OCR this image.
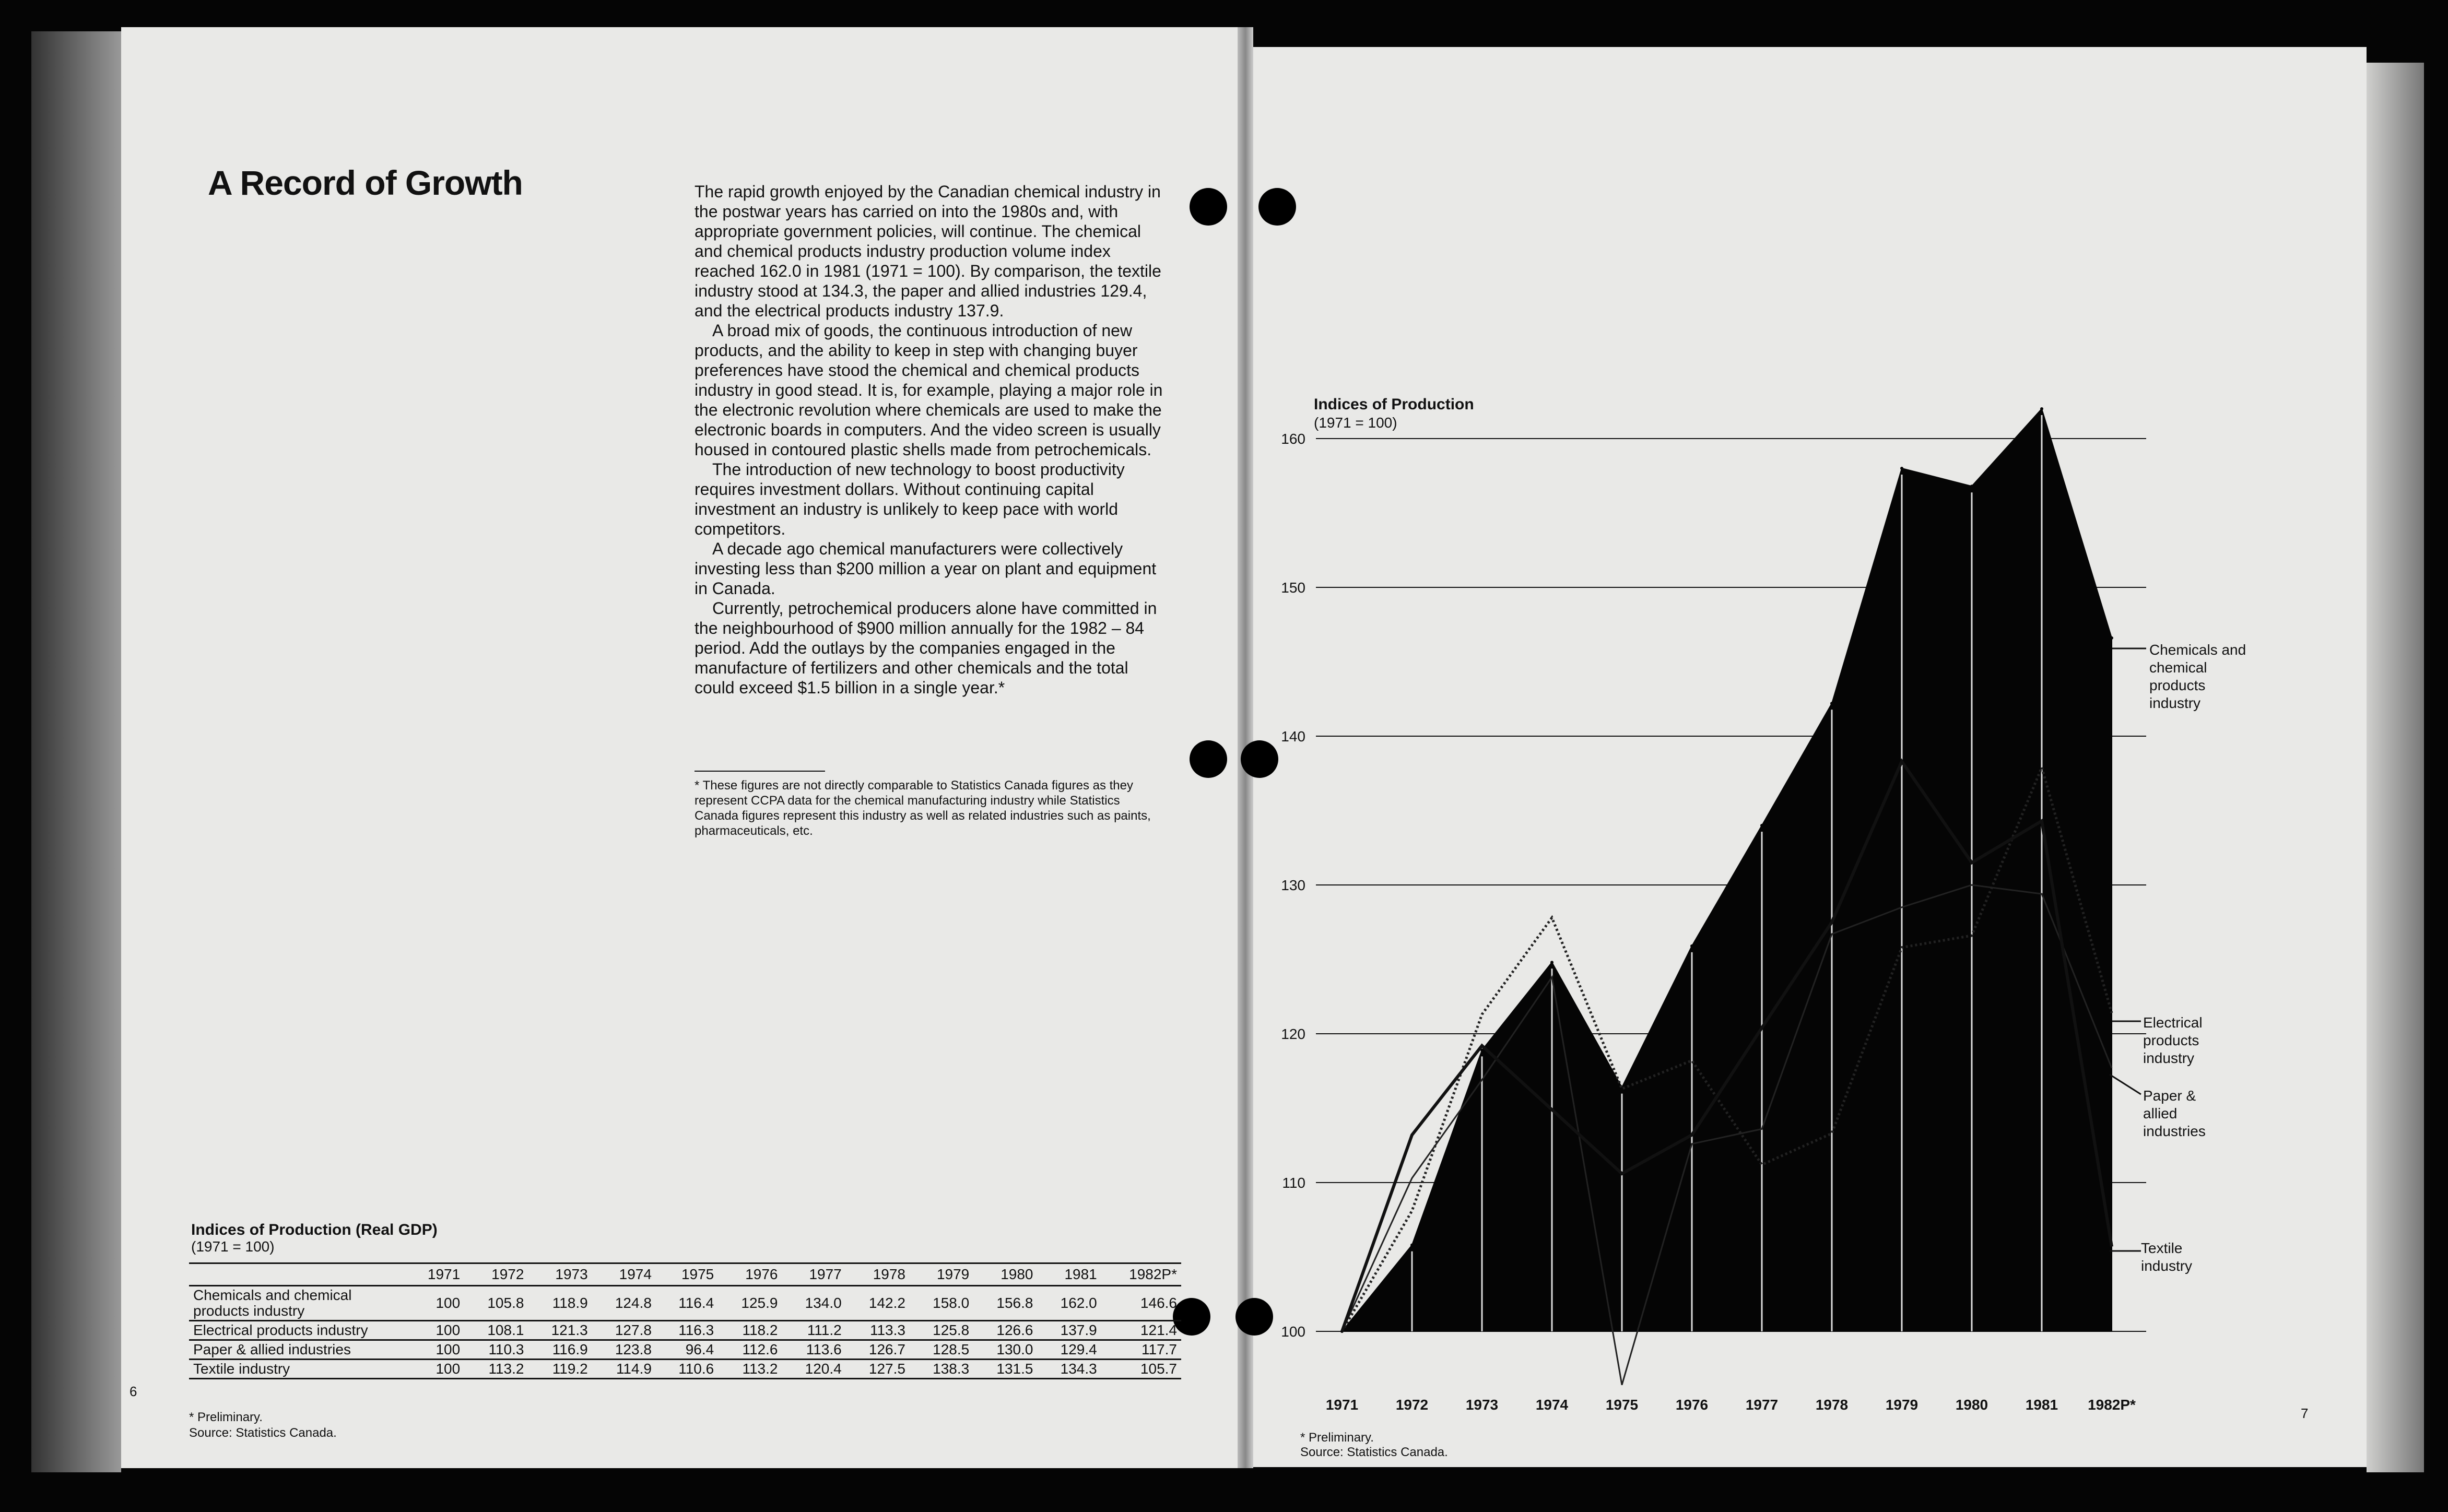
A Record of Growth	The rapid growth enjoyed by the Canadian chemical industry in the postwar years has carried on into the 1980s and, with appropriate government policies, will continue. The chemical and chemical products industry production volume index reached 162.0 in 1981 (1971 = 100). By comparison, the textile industry stood at 134.3, the paper and allied industries 129.4, and the electrical products industry 137.9.

A broad mix of goods, the continuous introduction of new products, and the ability to keep in step with changing buyer preferences have stood the chemical and chemical products industry in good stead. It is, for example, playing a major role in the electronic revolution where chemicals are used to make the electronic boards in computers. And the video screen is usually housed in contoured plastic shells made from petrochemicals.

The introduction of new technology to boost productivity requires investment dollars. Without continuing capital investment an industry is unlikely to keep pace with world competitors.

A decade ago chemical manufacturers were collectively investing less than $200 million a year on plant and equipment in Canada.

Currently, petrochemical producers alone have committed in the neighbourhood of $900 million annually for the 1982 – 84 period. Add the outlays by the companies engaged in the manufacture of fertilizers and other chemicals and the total could exceed $1.5 billion in a single year.*

* These figures are not directly comparable to Statistics Canada figures as they represent CCPA data for the chemical manufacturing industry while Statistics Canada figures represent this industry as well as related industries such as paints, pharmaceuticals, etc.
Indices of Production (Real GDP)
(1971 = 100)
	1971	1972	1973	1974	1975	1976	1977	1978	1979	1980	1981	1982P*
Chemicals and chemical products industry	100	105.8	118.9	124.8	116.4	125.9	134.0	142.2	158.0	156.8	162.0	146.6
Electrical products industry	100	108.1	121.3	127.8	116.3	118.2	111.2	113.3	125.8	126.6	137.9	121.4
Paper & allied industries	100	110.3	116.9	123.8	96.4	112.6	113.6	126.7	128.5	130.0	129.4	117.7
Textile industry	100	113.2	119.2	114.9	110.6	113.2	120.4	127.5	138.3	131.5	134.3	105.7
* Preliminary.
Source: Statistics Canada.
6
7
Indices of Production
(1971 = 100)
100
110
120
130
140
150
160
1971	1972	1973	1974	1975	1976	1977	1978	1979	1980	1981 1982P*
Chemicals and
chemical
products
industry
Electrical
products
industry
Paper &
allied
industries
Textile
industry
* Preliminary.
Source: Statistics Canada.
